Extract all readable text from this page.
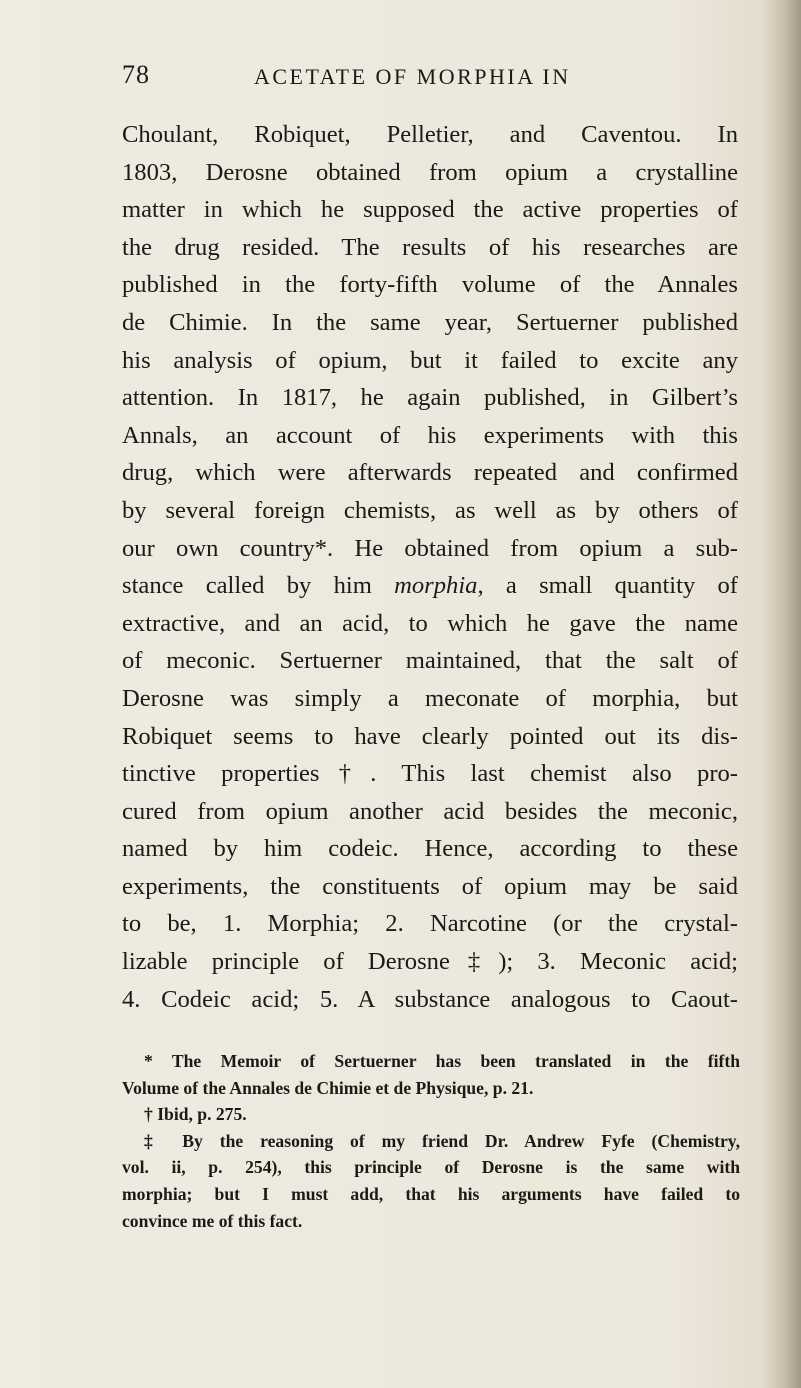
78	ACETATE OF MORPHIA IN
Choulant, Robiquet, Pelletier, and Caventou. In
1803, Derosne obtained from opium a crystalline
matter in which he supposed the active properties of
the drug resided. The results of his researches are
published in the forty-fifth volume of the Annales
de Chimie. In the same year, Sertuerner published
his analysis of opium, but it failed to excite any
attention. In 1817, he again published, in Gilbert’s
Annals, an account of his experiments with this
drug, which were afterwards repeated and confirmed
by several foreign chemists, as well as by others of
our own country*. He obtained from opium a sub-
stance called by him morphia, a small quantity of
extractive, and an acid, to which he gave the name
of meconic. Sertuerner maintained, that the salt of
Derosne was simply a meconate of morphia, but
Robiquet seems to have clearly pointed out its dis-
tinctive properties†. This last chemist also pro-
cured from opium another acid besides the meconic,
named by him codeic. Hence, according to these
experiments, the constituents of opium may be said
to be, 1. Morphia; 2. Narcotine (or the crystal-
lizable principle of Derosne‡); 3. Meconic acid;
4. Codeic acid; 5. A substance analogous to Caout-
* The Memoir of Sertuerner has been translated in the fifth
Volume of the Annales de Chimie et de Physique, p. 21.
† Ibid, p. 275.
‡ By the reasoning of my friend Dr. Andrew Fyfe (Chemistry,
vol. ii, p. 254), this principle of Derosne is the same with
morphia; but I must add, that his arguments have failed to
convince me of this fact.
